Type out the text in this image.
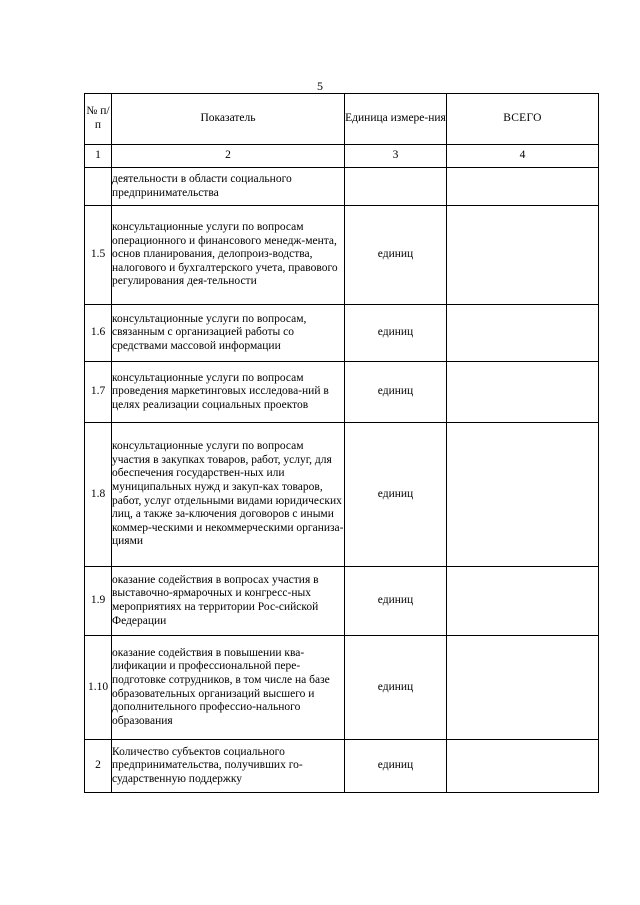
5
№ п/п	Показатель	Единица измере-ния	ВСЕГО
1	2	3	4
	деятельности в области социального предпринимательства		
1.5	консультационные услуги по вопросам операционного и финансового менедж-мента, основ планирования, делопроиз-водства, налогового и бухгалтерского учета, правового регулирования дея-тельности	единиц	
1.6	консультационные услуги по вопросам, связанным с организацией работы со средствами массовой информации	единиц	
1.7	консультационные услуги по вопросам проведения маркетинговых исследова-ний в целях реализации социальных проектов	единиц	
1.8	консультационные услуги по вопросам участия в закупках товаров, работ, услуг, для обеспечения государствен-ных или муниципальных нужд и закуп-ках товаров, работ, услуг отдельными видами юридических лиц, а также за-ключения договоров с иными коммер-ческими и некоммерческими организа-циями	единиц	
1.9	оказание содействия в вопросах участия в выставочно-ярмарочных и конгресс-ных мероприятиях на территории Рос-сийской Федерации	единиц	
1.10	оказание содействия в повышении ква-лификации и профессиональной пере-подготовке сотрудников, в том числе на базе образовательных организаций высшего и дополнительного профессио-нального образования	единиц	
2	Количество субъектов социального предпринимательства, получивших го-сударственную поддержку	единиц	
